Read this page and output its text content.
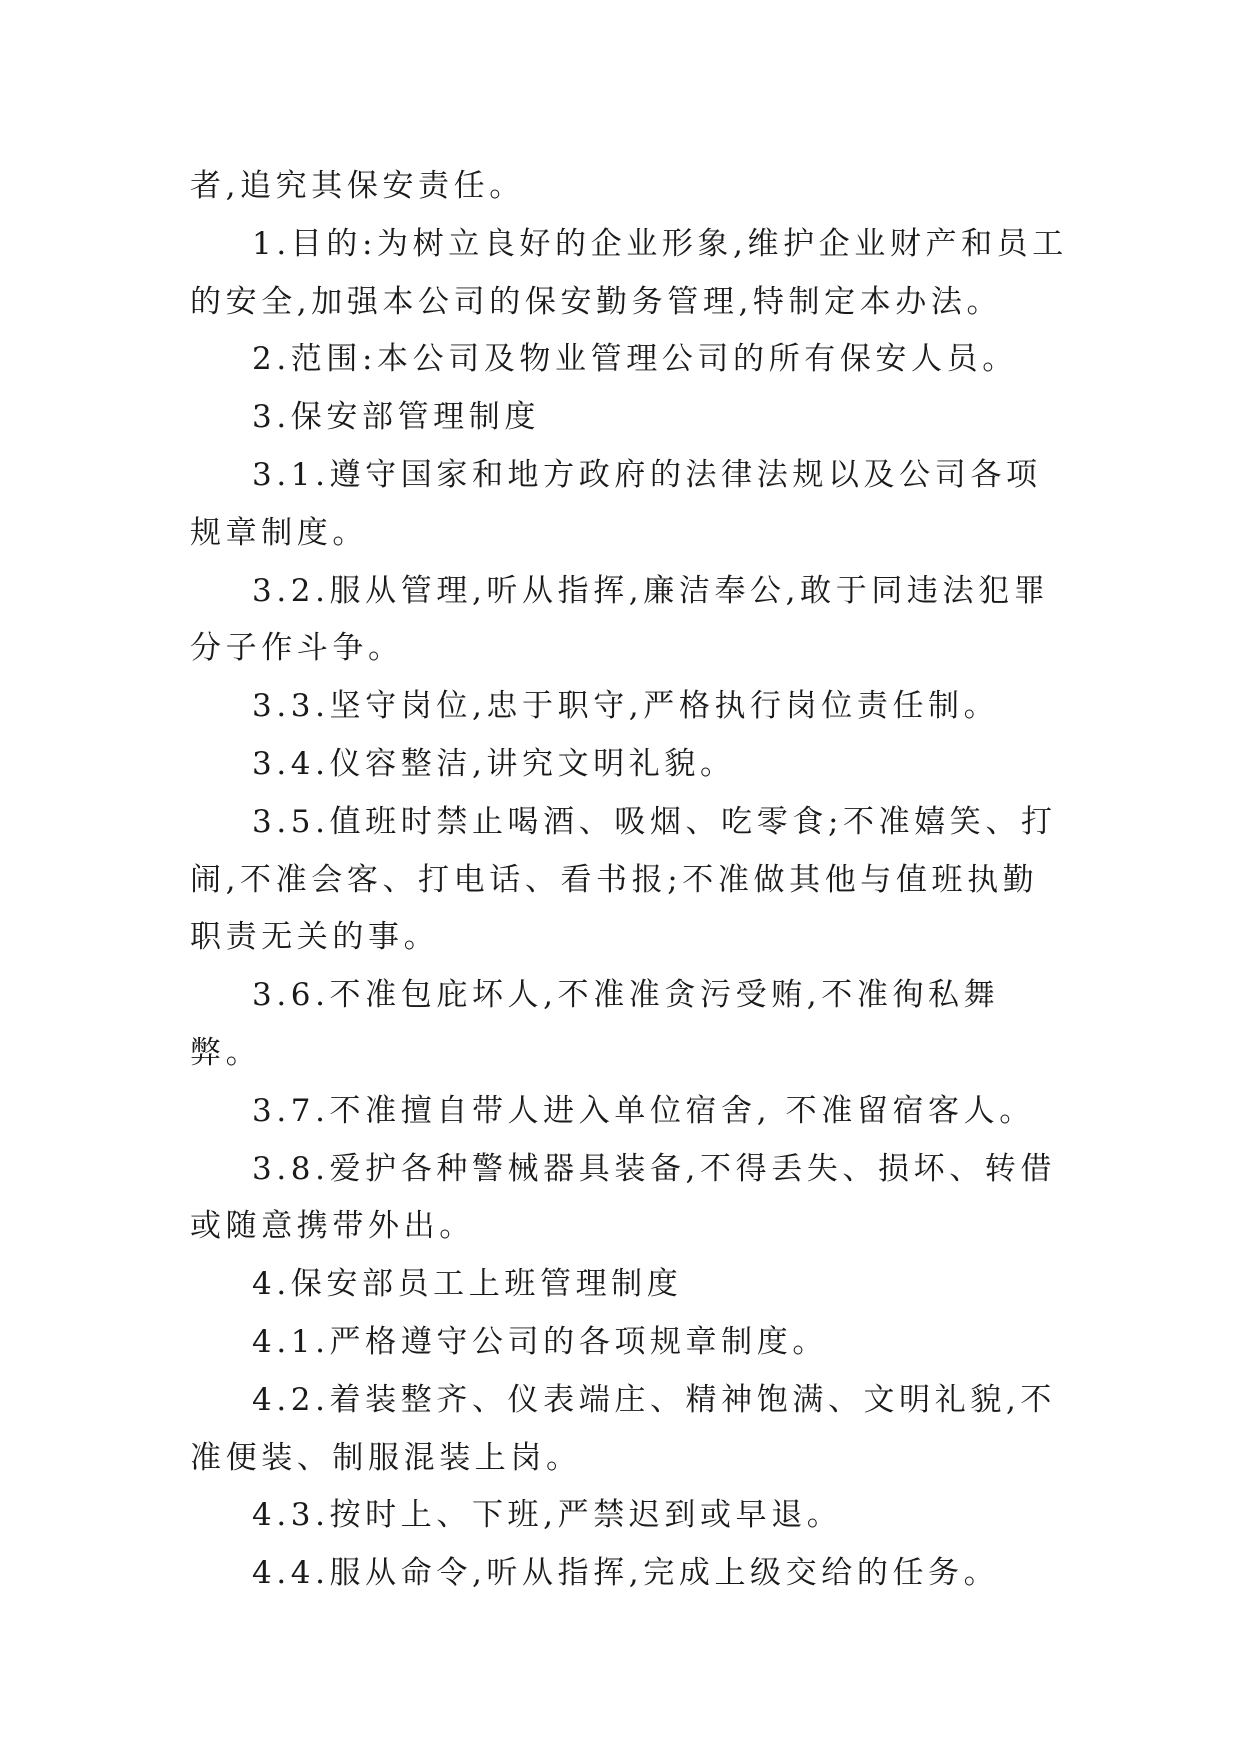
者,追究其保安责任。

1.目的:为树立良好的企业形象,维护企业财产和员工的安全,加强本公司的保安勤务管理,特制定本办法。

2.范围:本公司及物业管理公司的所有保安人员。

3.保安部管理制度

3.1.遵守国家和地方政府的法律法规以及公司各项规章制度。

3.2.服从管理,听从指挥,廉洁奉公,敢于同违法犯罪分子作斗争。

3.3.坚守岗位,忠于职守,严格执行岗位责任制。

3.4.仪容整洁,讲究文明礼貌。

3.5.值班时禁止喝酒、吸烟、吃零食;不准嬉笑、打闹,不准会客、打电话、看书报;不准做其他与值班执勤职责无关的事。

3.6.不准包庇坏人,不准准贪污受贿,不准徇私舞弊。

3.7.不准擅自带人进入单位宿舍, 不准留宿客人。

3.8.爱护各种警械器具装备,不得丢失、损坏、转借或随意携带外出。

4.保安部员工上班管理制度

4.1.严格遵守公司的各项规章制度。

4.2.着装整齐、仪表端庄、精神饱满、文明礼貌,不准便装、制服混装上岗。

4.3.按时上、下班,严禁迟到或早退。

4.4.服从命令,听从指挥,完成上级交给的任务。
